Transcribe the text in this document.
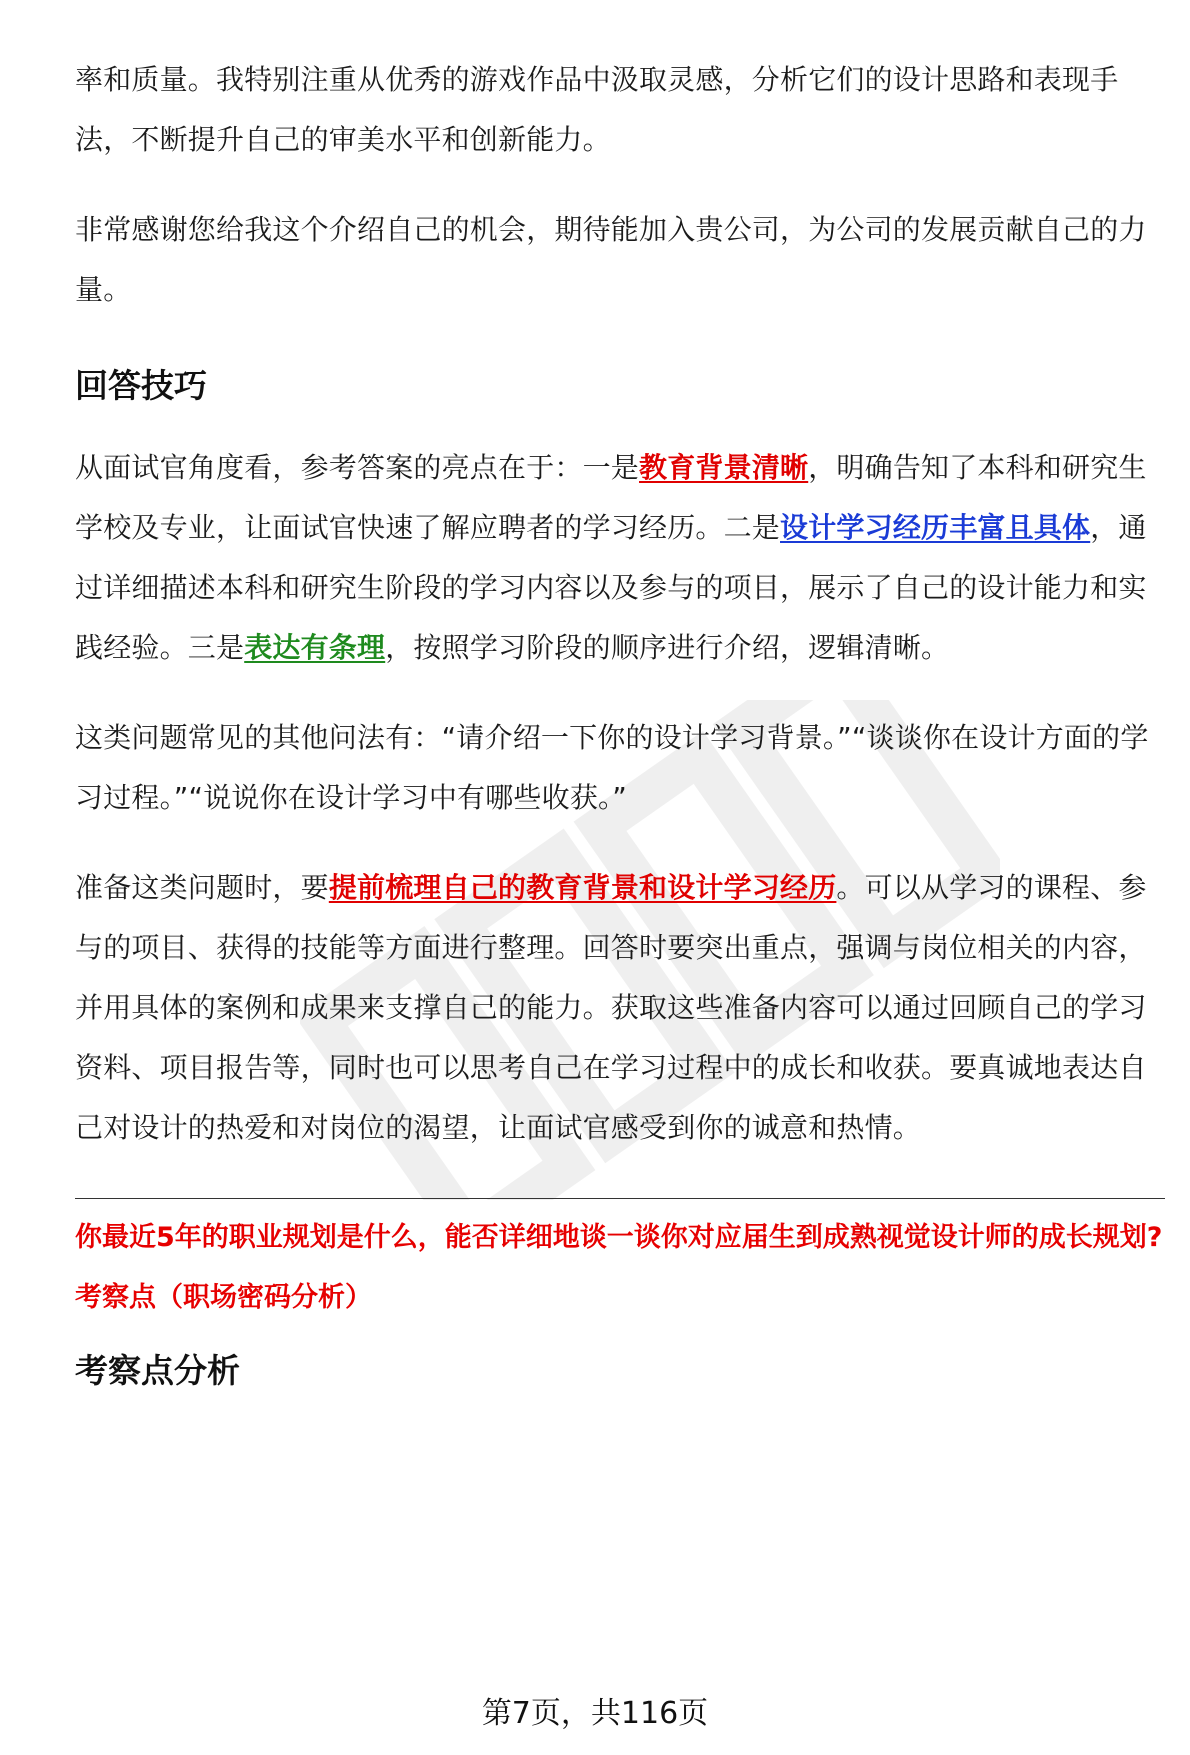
率和质量。我特别注重从优秀的游戏作品中汲取灵感，分析它们的设计思路和表现手法，不断提升自己的审美水平和创新能力。

非常感谢您给我这个介绍自己的机会，期待能加入贵公司，为公司的发展贡献自己的力量。

回答技巧

从面试官角度看，参考答案的亮点在于：一是教育背景清晰，明确告知了本科和研究生学校及专业，让面试官快速了解应聘者的学习经历。二是设计学习经历丰富且具体，通过详细描述本科和研究生阶段的学习内容以及参与的项目，展示了自己的设计能力和实践经验。三是表达有条理，按照学习阶段的顺序进行介绍，逻辑清晰。

这类问题常见的其他问法有：“请介绍一下你的设计学习背景。”“谈谈你在设计方面的学习过程。”“说说你在设计学习中有哪些收获。”

准备这类问题时，要提前梳理自己的教育背景和设计学习经历。可以从学习的课程、参与的项目、获得的技能等方面进行整理。回答时要突出重点，强调与岗位相关的内容，并用具体的案例和成果来支撑自己的能力。获取这些准备内容可以通过回顾自己的学习资料、项目报告等，同时也可以思考自己在学习过程中的成长和收获。要真诚地表达自己对设计的热爱和对岗位的渴望，让面试官感受到你的诚意和热情。

你最近5年的职业规划是什么，能否详细地谈一谈你对应届生到成熟视觉设计师的成长规划?
考察点（职场密码分析）
考察点分析
第7页，共116页
